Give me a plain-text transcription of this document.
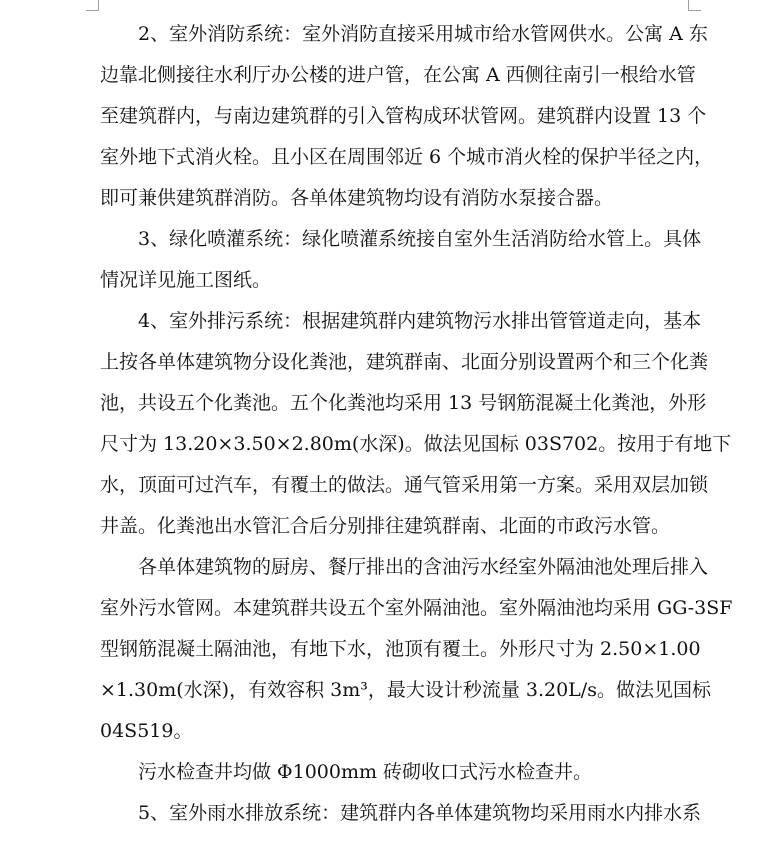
　　2、室外消防系统：室外消防直接采用城市给水管网供水。公寓 A 东
边靠北侧接往水利厅办公楼的进户管，在公寓 A 西侧往南引一根给水管
至建筑群内，与南边建筑群的引入管构成环状管网。建筑群内设置 13 个
室外地下式消火栓。且小区在周围邻近 6 个城市消火栓的保护半径之内，
即可兼供建筑群消防。各单体建筑物均设有消防水泵接合器。
　　3、绿化喷灌系统：绿化喷灌系统接自室外生活消防给水管上。具体
情况详见施工图纸。
　　4、室外排污系统：根据建筑群内建筑物污水排出管管道走向，基本
上按各单体建筑物分设化粪池，建筑群南、北面分别设置两个和三个化粪
池，共设五个化粪池。五个化粪池均采用 13 号钢筋混凝土化粪池，外形
尺寸为 13.20×3.50×2.80m(水深)。做法见国标 03S702。按用于有地下
水，顶面可过汽车，有覆土的做法。通气管采用第一方案。采用双层加锁
井盖。化粪池出水管汇合后分别排往建筑群南、北面的市政污水管。
　　各单体建筑物的厨房、餐厅排出的含油污水经室外隔油池处理后排入
室外污水管网。本建筑群共设五个室外隔油池。室外隔油池均采用 GG-3SF
型钢筋混凝土隔油池，有地下水，池顶有覆土。外形尺寸为 2.50×1.00
×1.30m(水深)，有效容积 3m³，最大设计秒流量 3.20L/s。做法见国标
04S519。
　　污水检查井均做 Φ1000mm 砖砌收口式污水检查井。
　　5、室外雨水排放系统：建筑群内各单体建筑物均采用雨水内排水系
